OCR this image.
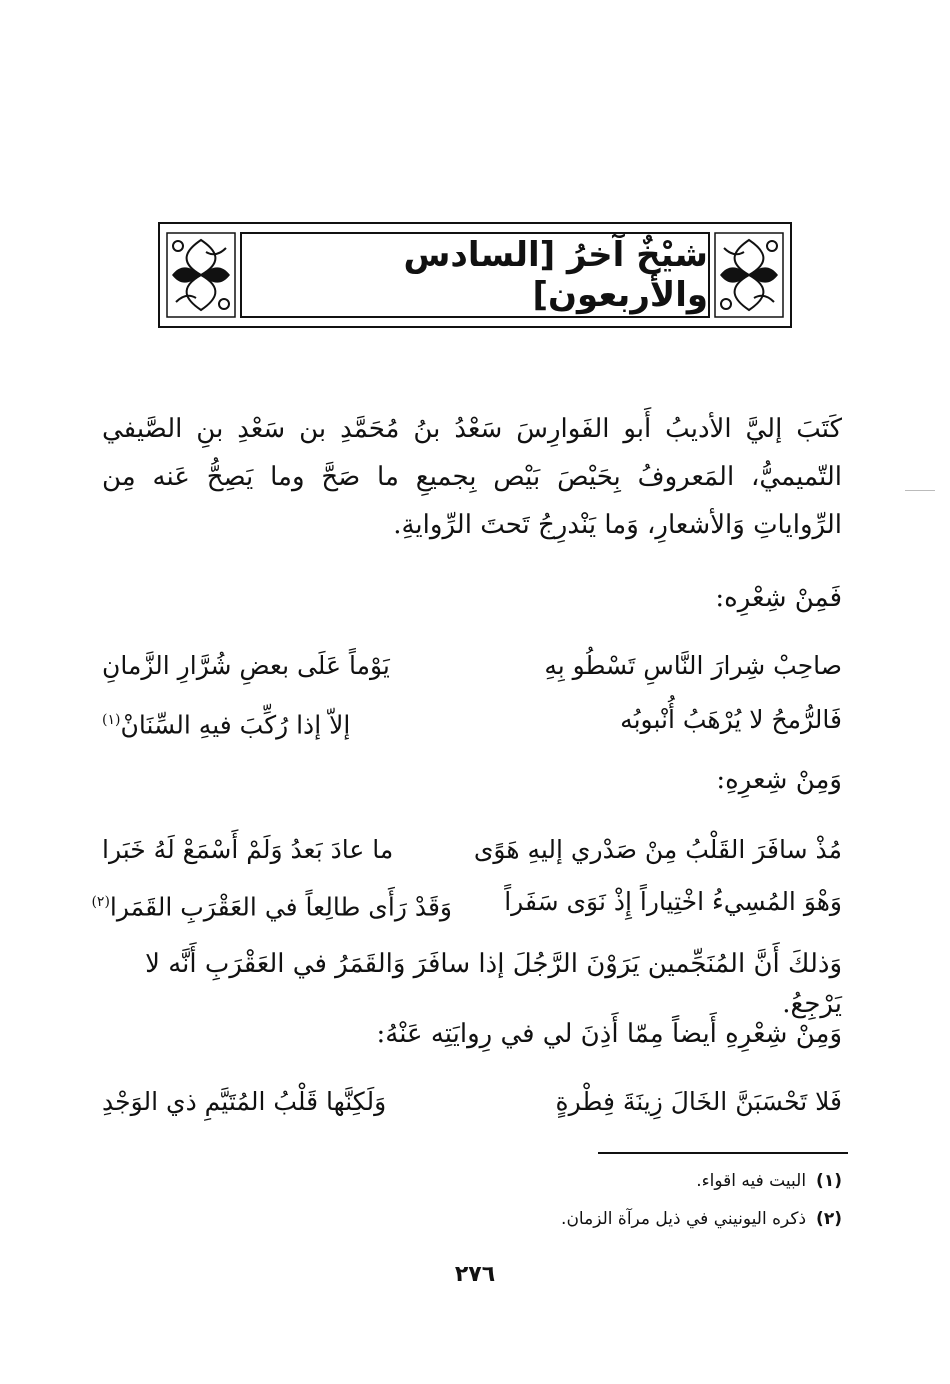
شيْخٌ آخرُ [السادس والأربعون]
كَتَبَ إليَّ الأديبُ أَبو الفَوارِسَ سَعْدُ بنُ مُحَمَّدِ بن سَعْدِ بنِ الصَّيفي التّميميُّ، المَعروفُ بِحَيْصَ بَيْص بِجميعِ ما صَحَّ وما يَصِحُّ عَنه مِن الرِّواياتِ وَالأشعارِ، وَما يَنْدرِجُ تَحتَ الرِّوايةِ.
فَمِنْ شِعْرِه:
صاحِبْ شِرارَ النَّاسِ تَسْطُو بِهِ
يَوْماً عَلَى بعضِ شُرَّارِ الزَّمانِ
فَالرُّمحُ لا يُرْهَبُ أُنْبوبُه
إلاّ إذا رُكِّبَ فيهِ السِّنَانْ$^{(١)}$
وَمِنْ شِعرِهِ:
مُذْ سافَرَ القَلْبُ مِنْ صَدْري إليهِ هَوًى
ما عادَ بَعدُ وَلَمْ أَسْمَعْ لَهُ خَبَرا
وَهْوَ المُسِيءُ اخْتِياراً إِذْ نَوَى سَفَراً
وَقَدْ رَأَى طالِعاً في العَقْرَبِ القَمَرا$^{(٢)}$
وَذلكَ أَنَّ المُنَجِّمين يَرَوْنَ الرَّجُلَ إذا سافَرَ وَالقَمَرُ في العَقْرَبِ أَنَّه لا يَرْجِعُ.
وَمِنْ شِعْرِهِ أَيضاً مِمّا أَذِنَ لي في رِوايَتِه عَنْهُ:
فَلا تَحْسَبَنَّ الخَالَ زِينَةَ فِطْرةٍ
وَلَكِنَّها قَلْبُ المُتَيَّمِ ذي الوَجْدِ
(١)البيت فيه اقواء.
(٢)ذكره اليونيني في ذيل مرآة الزمان.
٢٧٦
